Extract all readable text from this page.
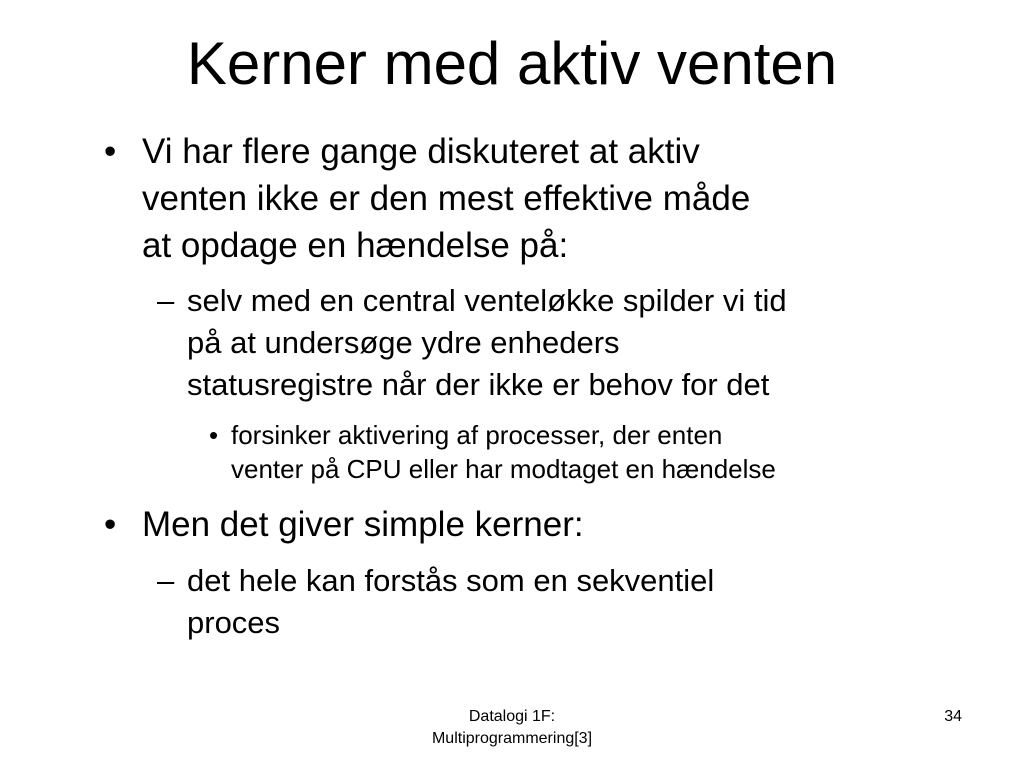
Kerner med aktiv venten
• Vi har flere gange diskuteret at aktiv
venten ikke er den mest effektive måde
at opdage en hændelse på:
– selv med en central venteløkke spilder vi tid
på at undersøge ydre enheders
statusregistre når der ikke er behov for det
• forsinker aktivering af processer, der enten
venter på CPU eller har modtaget en hændelse
• Men det giver simple kerner:
– det hele kan forstås som en sekventiel
proces
Datalogi 1F:
Multiprogrammering[3]
34
